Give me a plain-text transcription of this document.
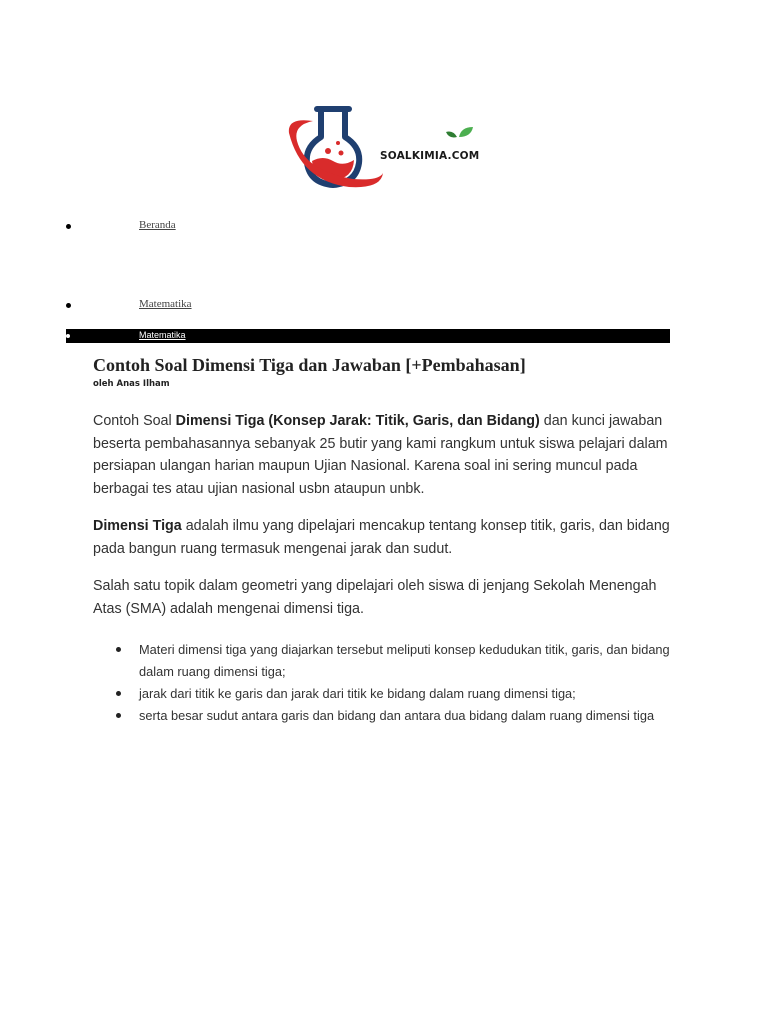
SOALKIMIA.COM
Beranda
Matematika
Matematika
Contoh Soal Dimensi Tiga dan Jawaban [+Pembahasan]
oleh Anas Ilham

Contoh Soal Dimensi Tiga (Konsep Jarak: Titik, Garis, dan Bidang) dan kunci jawaban beserta pembahasannya sebanyak 25 butir yang kami rangkum untuk siswa pelajari dalam persiapan ulangan harian maupun Ujian Nasional. Karena soal ini sering muncul pada berbagai tes atau ujian nasional usbn ataupun unbk.

Dimensi Tiga adalah ilmu yang dipelajari mencakup tentang konsep titik, garis, dan bidang pada bangun ruang termasuk mengenai jarak dan sudut.

Salah satu topik dalam geometri yang dipelajari oleh siswa di jenjang Sekolah Menengah Atas (SMA) adalah mengenai dimensi tiga.

Materi dimensi tiga yang diajarkan tersebut meliputi konsep kedudukan titik, garis, dan bidang dalam ruang dimensi tiga;
jarak dari titik ke garis dan jarak dari titik ke bidang dalam ruang dimensi tiga;
serta besar sudut antara garis dan bidang dan antara dua bidang dalam ruang dimensi tiga
